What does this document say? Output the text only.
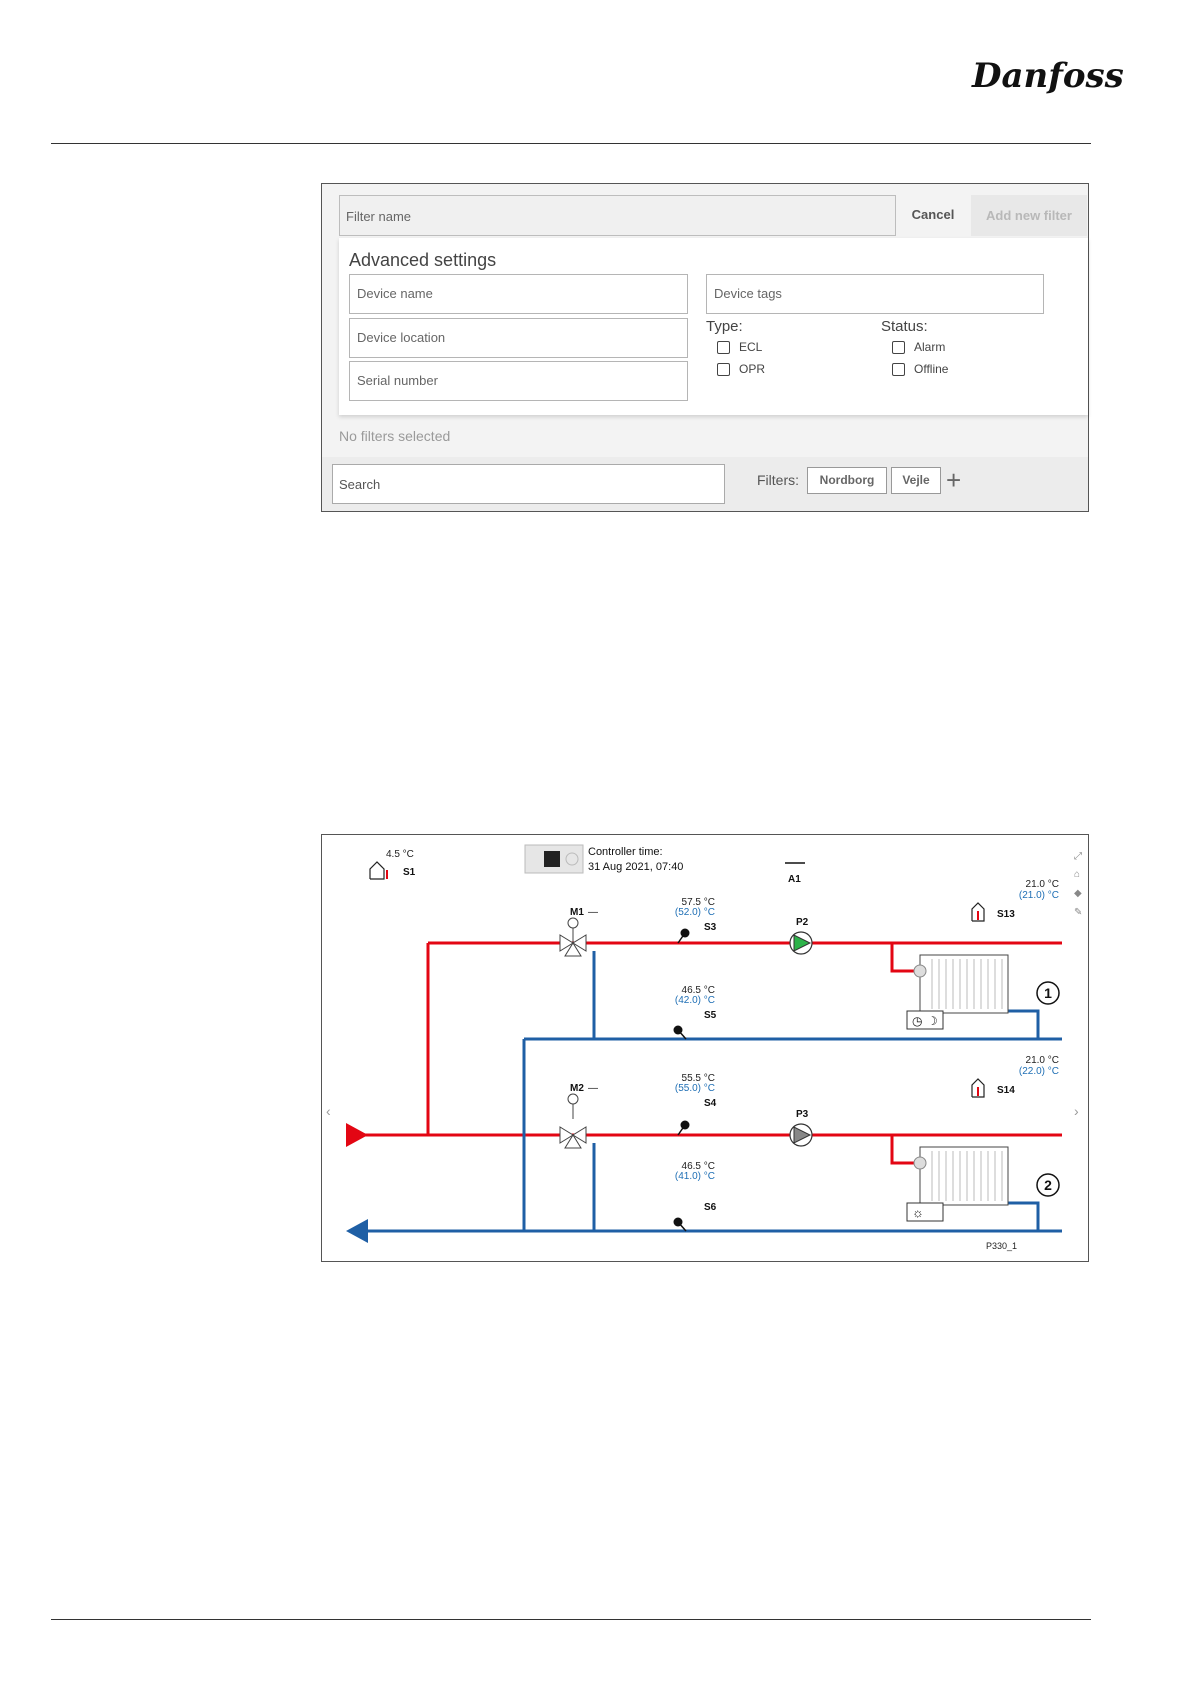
Danfoss
Filter name	Cancel	Add new filter
Advanced settings
Device name
Device location
Serial number
Device tags
Type:
ECL
OPR
Status:
Alarm
Offline
No filters selected
Search	Filters:	Nordborg	Vejle +
‹	›
4.5 °C
S1
Controller time:
31 Aug 2021, 07:40
A1
⤢
⌂
◆
✎
21.0 °C
(21.0) °C
S13
21.0 °C
(22.0) °C
S14
M1 —
M2 —
57.5 °C
(52.0) °C
S3
46.5 °C
(42.0) °C
S5
55.5 °C
(55.0) °C
S4
46.5 °C
(41.0) °C
S6
P2
P3
◷ ☽
1
☼
2
P330_1
